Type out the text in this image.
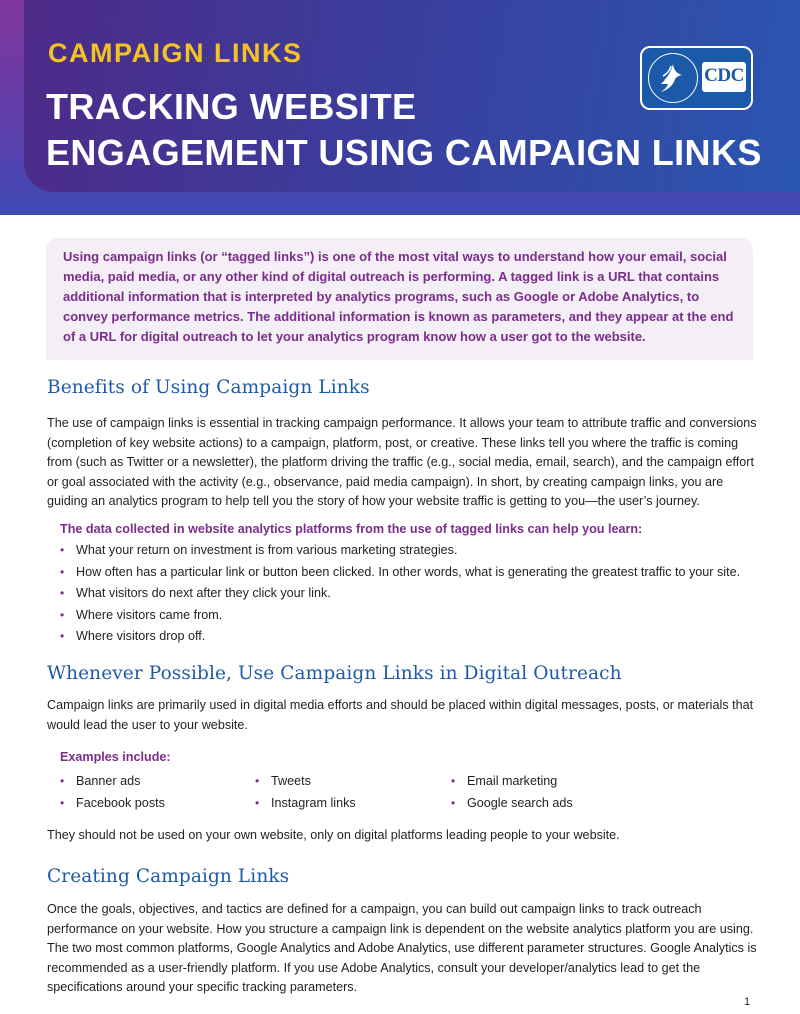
CAMPAIGN LINKS

TRACKING WEBSITE
ENGAGEMENT USING CAMPAIGN LINKS
CDC

Using campaign links (or “tagged links”) is one of the most vital ways to understand how your email, social media, paid media, or any other kind of digital outreach is performing. A tagged link is a URL that contains additional information that is interpreted by analytics programs, such as Google or Adobe Analytics, to convey performance metrics. The additional information is known as parameters, and they appear at the end of a URL for digital outreach to let your analytics program know how a user got to the website.

Benefits of Using Campaign Links

The use of campaign links is essential in tracking campaign performance. It allows your team to attribute traffic and conversions (completion of key website actions) to a campaign, platform, post, or creative. These links tell you where the traffic is coming from (such as Twitter or a newsletter), the platform driving the traffic (e.g., social media, email, search), and the campaign effort or goal associated with the activity (e.g., observance, paid media campaign). In short, by creating campaign links, you are guiding an analytics program to help tell you the story of how your website traffic is getting to you—the user’s journey.

The data collected in website analytics platforms from the use of tagged links can help you learn:

• What your return on investment is from various marketing strategies.
• How often has a particular link or button been clicked. In other words, what is generating the greatest traffic to your site.
• What visitors do next after they click your link.
• Where visitors came from.
• Where visitors drop off.
Whenever Possible, Use Campaign Links in Digital Outreach

Campaign links are primarily used in digital media efforts and should be placed within digital messages, posts, or materials that would lead the user to your website.

Examples include:

• Banner ads	• Tweets	• Email marketing
• Facebook posts	• Instagram links	• Google search ads

They should not be used on your own website, only on digital platforms leading people to your website.

Creating Campaign Links

Once the goals, objectives, and tactics are defined for a campaign, you can build out campaign links to track outreach performance on your website. How you structure a campaign link is dependent on the website analytics platform you are using. The two most common platforms, Google Analytics and Adobe Analytics, use different parameter structures. Google Analytics is recommended as a user-friendly platform. If you use Adobe Analytics, consult your developer/analytics lead to get the specifications around your specific tracking parameters.

1
